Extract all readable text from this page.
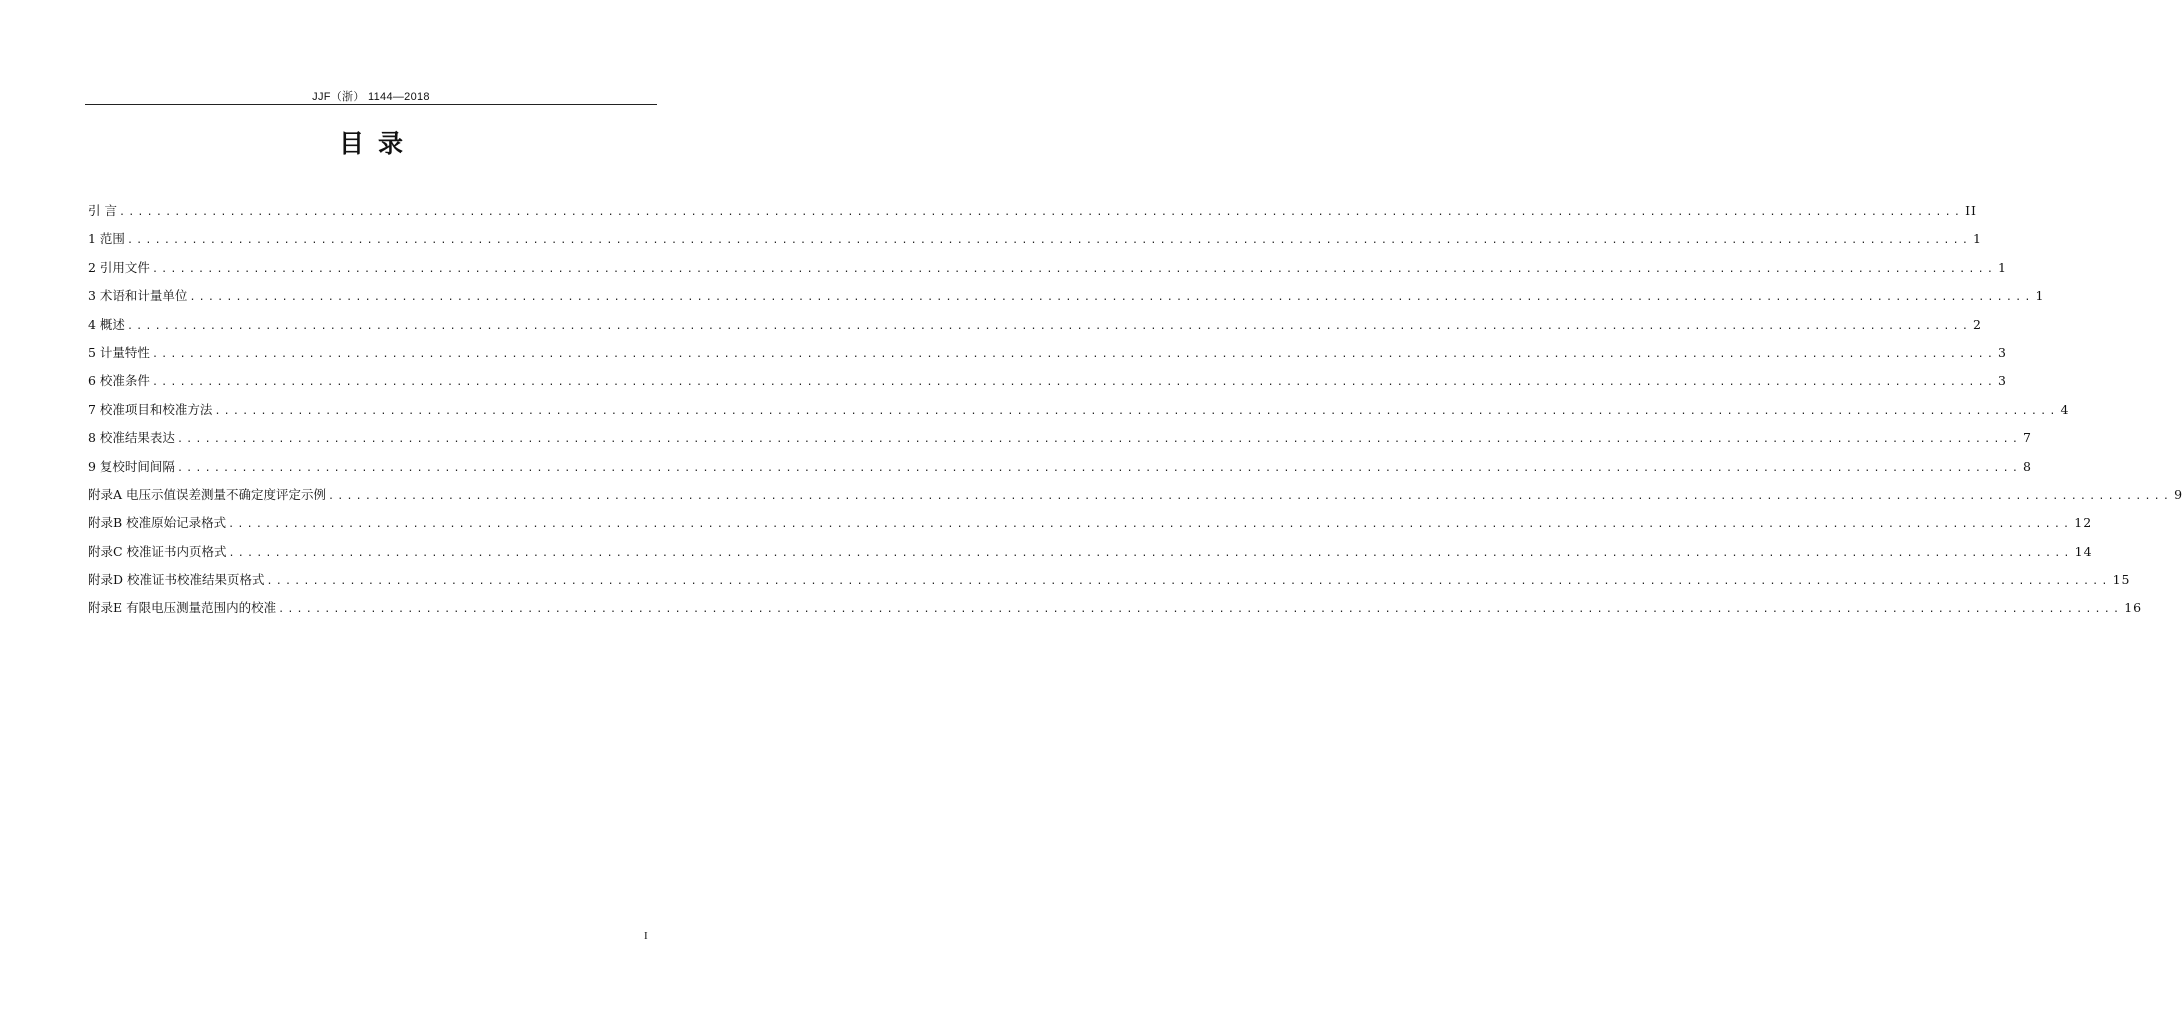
JJF（浙） 1144—2018
目录
引 言 ........................................................................................................................................................................................................ II
1 范围 ........................................................................................................................................................................................................ 1
2 引用文件 ........................................................................................................................................................................................................ 1
3 术语和计量单位 ........................................................................................................................................................................................................ 1
4 概述 ........................................................................................................................................................................................................ 2
5 计量特性 ........................................................................................................................................................................................................ 3
6 校准条件 ........................................................................................................................................................................................................ 3
7 校准项目和校准方法 ........................................................................................................................................................................................................ 4
8 校准结果表达 ........................................................................................................................................................................................................ 7
9 复校时间间隔 ........................................................................................................................................................................................................ 8
附录A 电压示值误差测量不确定度评定示例 ........................................................................................................................................................................................................ 9
附录B 校准原始记录格式 ........................................................................................................................................................................................................ 12
附录C 校准证书内页格式 ........................................................................................................................................................................................................ 14
附录D 校准证书校准结果页格式 ........................................................................................................................................................................................................ 15
附录E 有限电压测量范围内的校准 ........................................................................................................................................................................................................ 16
I
